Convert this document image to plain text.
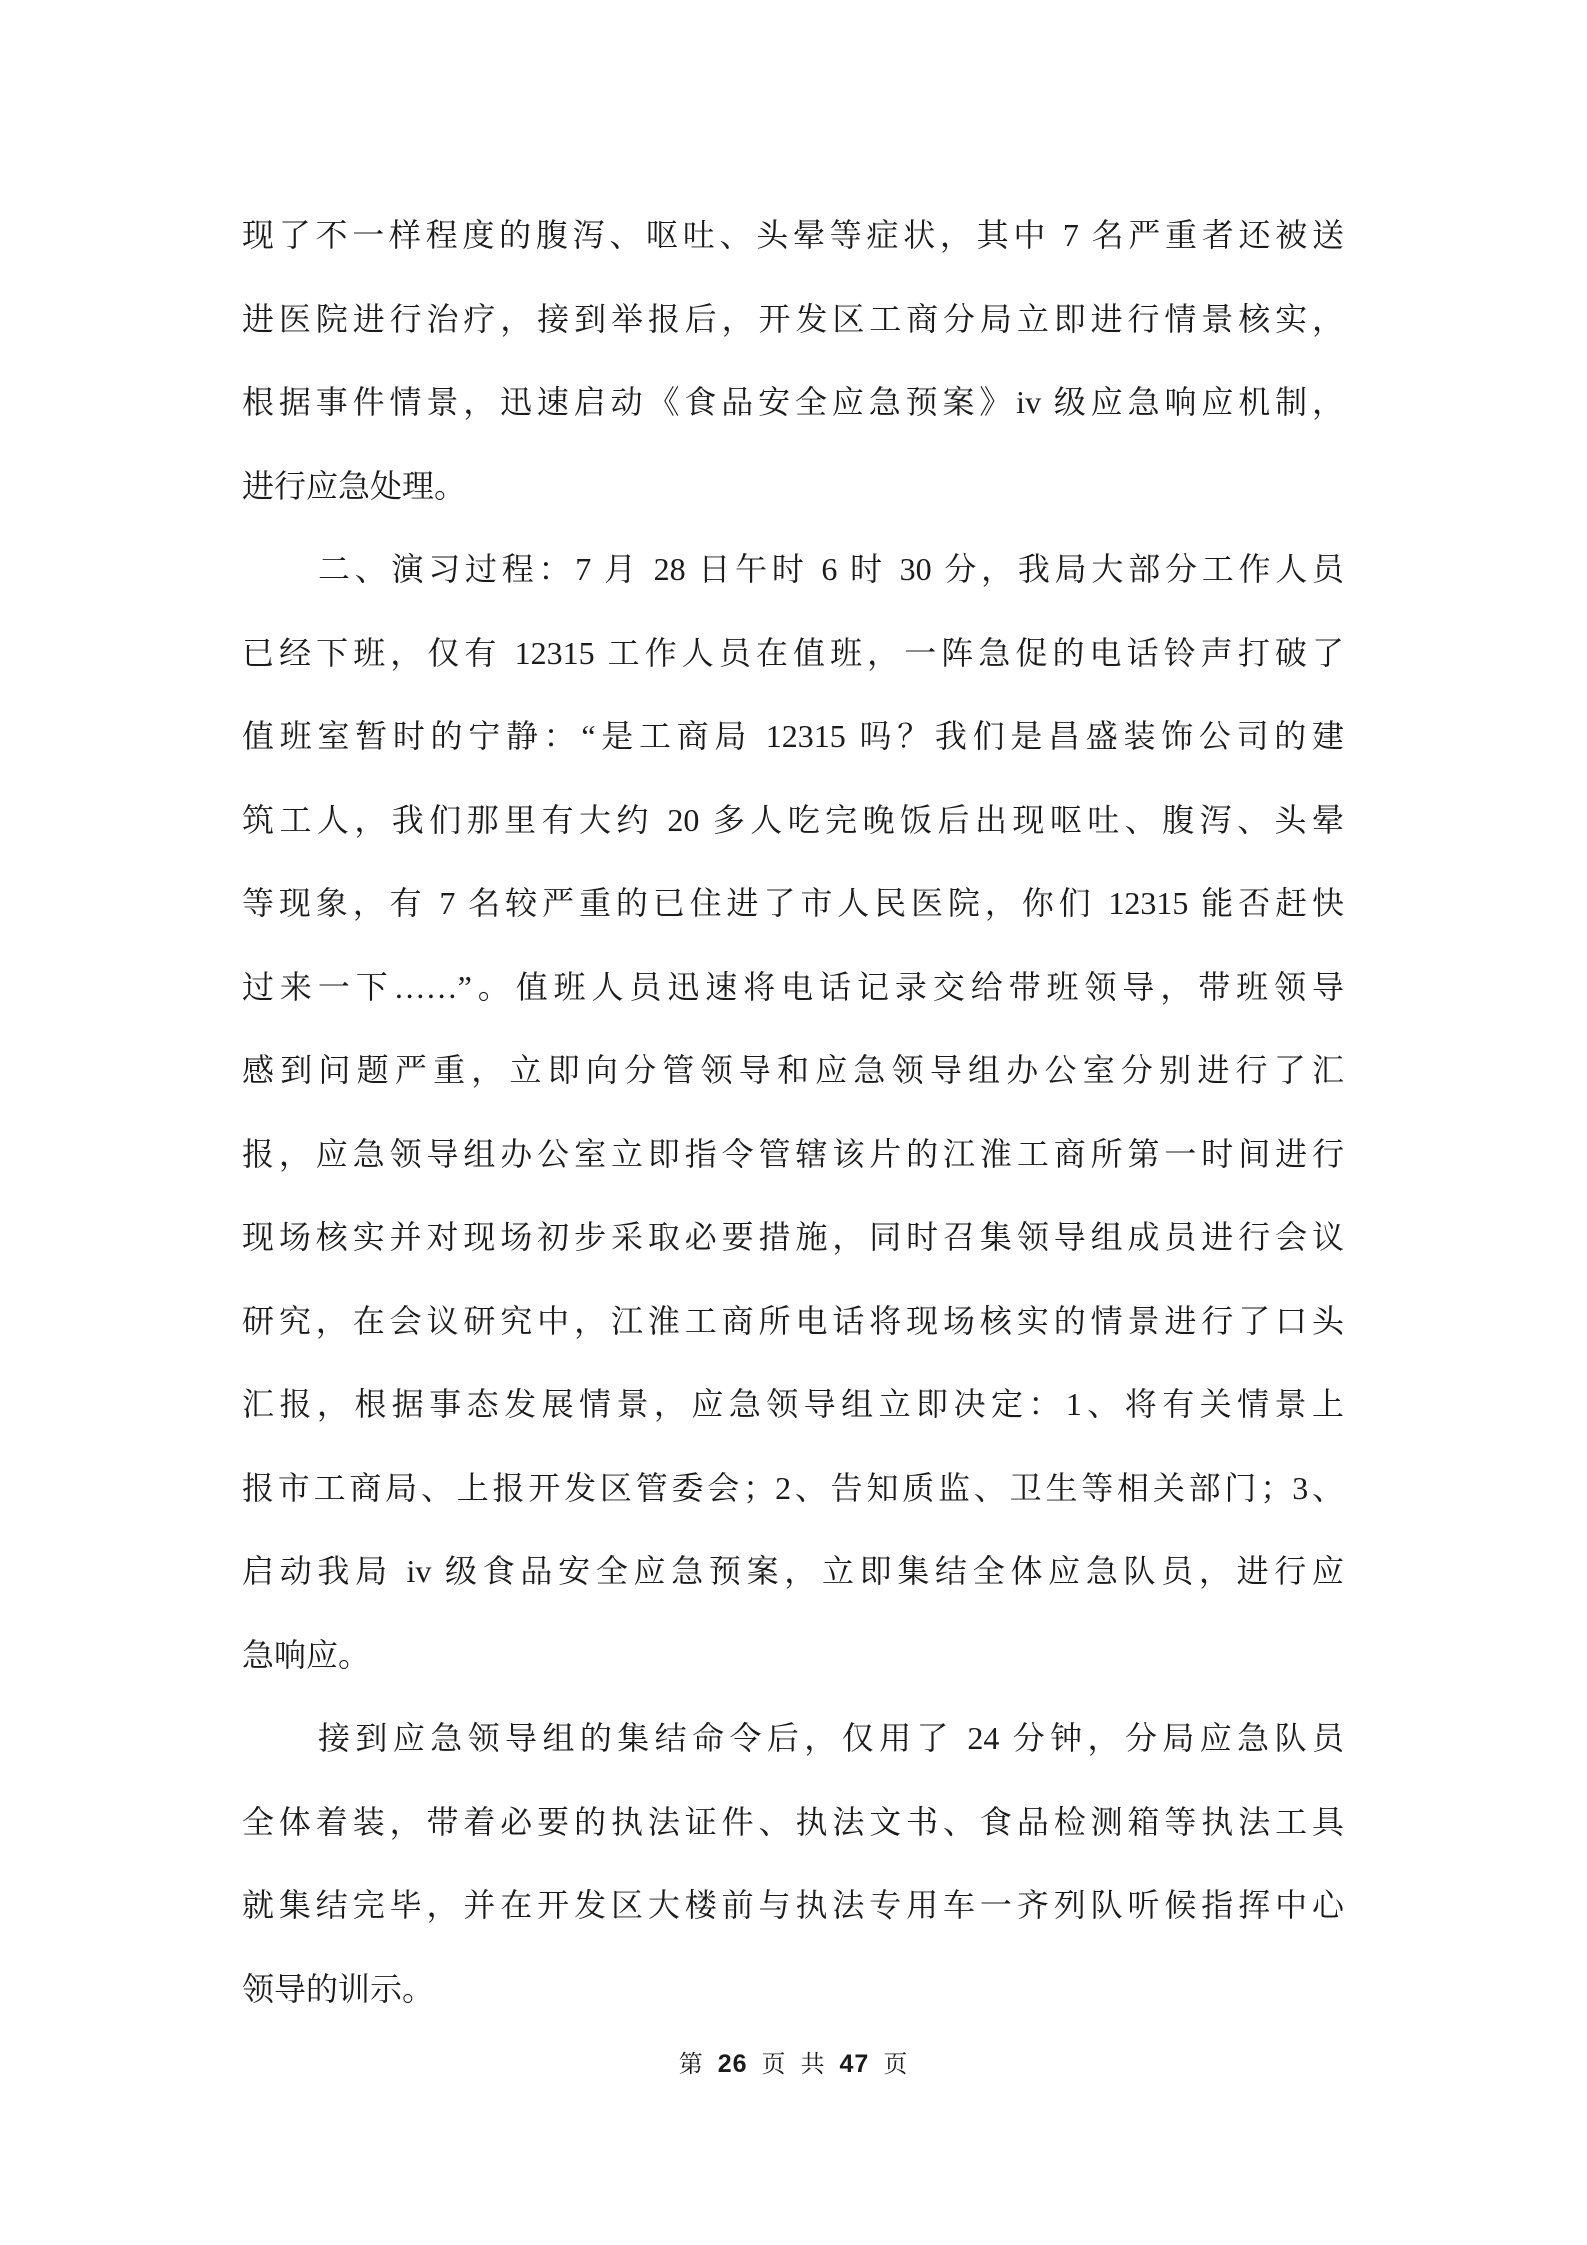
现了不一样程度的腹泻、呕吐、头晕等症状，其中 7 名严重者还被送
进医院进行治疗，接到举报后，开发区工商分局立即进行情景核实，
根据事件情景，迅速启动《食品安全应急预案》iv 级应急响应机制，
进行应急处理。
二、演习过程：7 月 28 日午时 6 时 30 分，我局大部分工作人员
已经下班，仅有 12315 工作人员在值班，一阵急促的电话铃声打破了
值班室暂时的宁静：“是工商局 12315 吗？我们是昌盛装饰公司的建
筑工人，我们那里有大约 20 多人吃完晚饭后出现呕吐、腹泻、头晕
等现象，有 7 名较严重的已住进了市人民医院，你们 12315 能否赶快
过来一下……”。值班人员迅速将电话记录交给带班领导，带班领导
感到问题严重，立即向分管领导和应急领导组办公室分别进行了汇
报，应急领导组办公室立即指令管辖该片的江淮工商所第一时间进行
现场核实并对现场初步采取必要措施，同时召集领导组成员进行会议
研究，在会议研究中，江淮工商所电话将现场核实的情景进行了口头
汇报，根据事态发展情景，应急领导组立即决定：1、将有关情景上
报市工商局、上报开发区管委会；2、告知质监、卫生等相关部门；3、
启动我局 iv 级食品安全应急预案，立即集结全体应急队员，进行应
急响应。
接到应急领导组的集结命令后，仅用了 24 分钟，分局应急队员
全体着装，带着必要的执法证件、执法文书、食品检测箱等执法工具
就集结完毕，并在开发区大楼前与执法专用车一齐列队听候指挥中心
领导的训示。
第 26 页 共 47 页
